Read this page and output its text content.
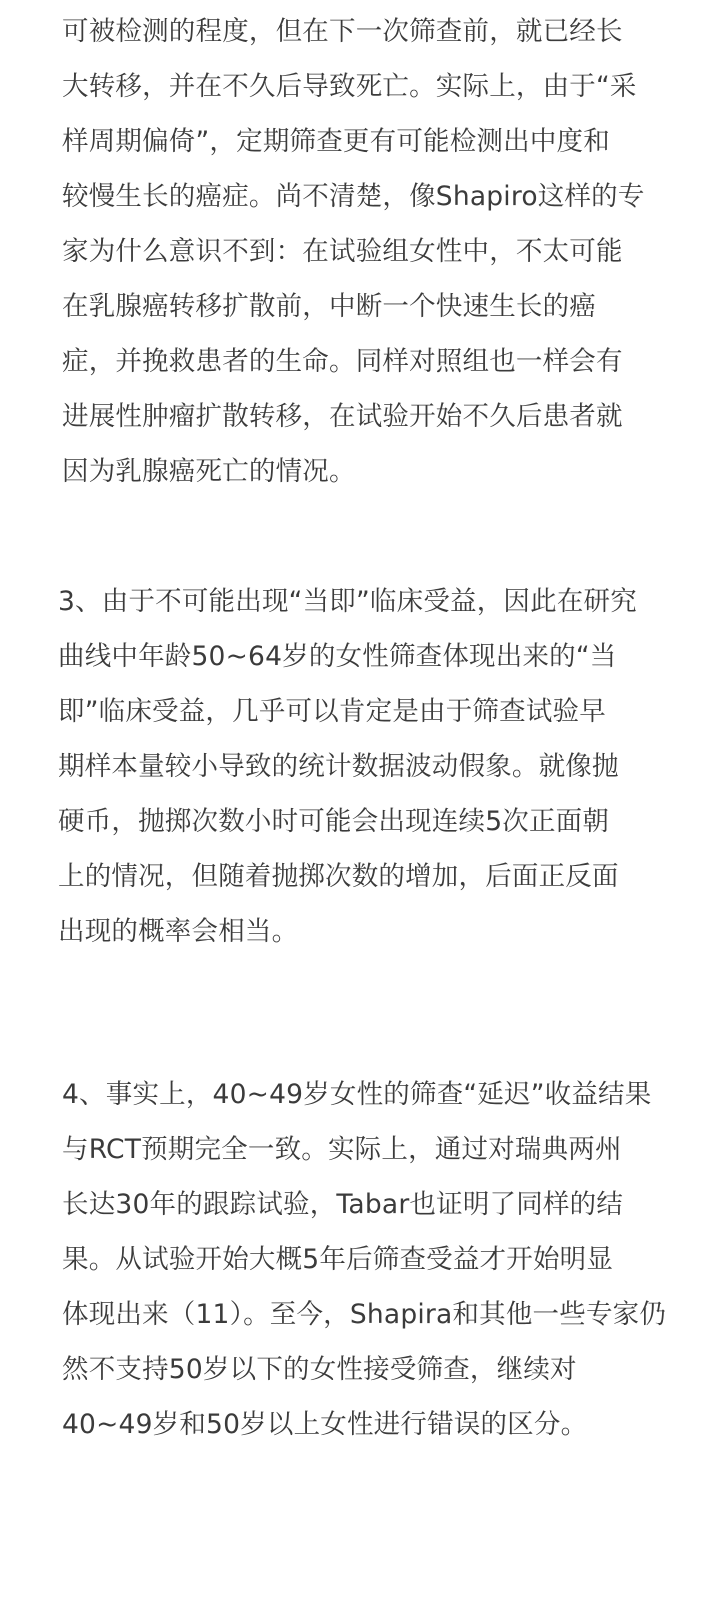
可被检测的程度，但在下一次筛查前，就已经长
大转移，并在不久后导致死亡。实际上，由于“采
样周期偏倚”，定期筛查更有可能检测出中度和
较慢生长的癌症。尚不清楚，像Shapiro这样的专
家为什么意识不到：在试验组女性中，不太可能
在乳腺癌转移扩散前，中断一个快速生长的癌
症，并挽救患者的生命。同样对照组也一样会有
进展性肿瘤扩散转移，在试验开始不久后患者就
因为乳腺癌死亡的情况。
3、由于不可能出现“当即”临床受益，因此在研究
曲线中年龄50~64岁的女性筛查体现出来的“当
即”临床受益，几乎可以肯定是由于筛查试验早
期样本量较小导致的统计数据波动假象。就像抛
硬币，抛掷次数小时可能会出现连续5次正面朝
上的情况，但随着抛掷次数的增加，后面正反面
出现的概率会相当。
4、事实上，40~49岁女性的筛查“延迟”收益结果
与RCT预期完全一致。实际上，通过对瑞典两州
长达30年的跟踪试验，Tabar也证明了同样的结
果。从试验开始大概5年后筛查受益才开始明显
体现出来（11）。至今，Shapira和其他一些专家仍
然不支持50岁以下的女性接受筛查，继续对
40~49岁和50岁以上女性进行错误的区分。
